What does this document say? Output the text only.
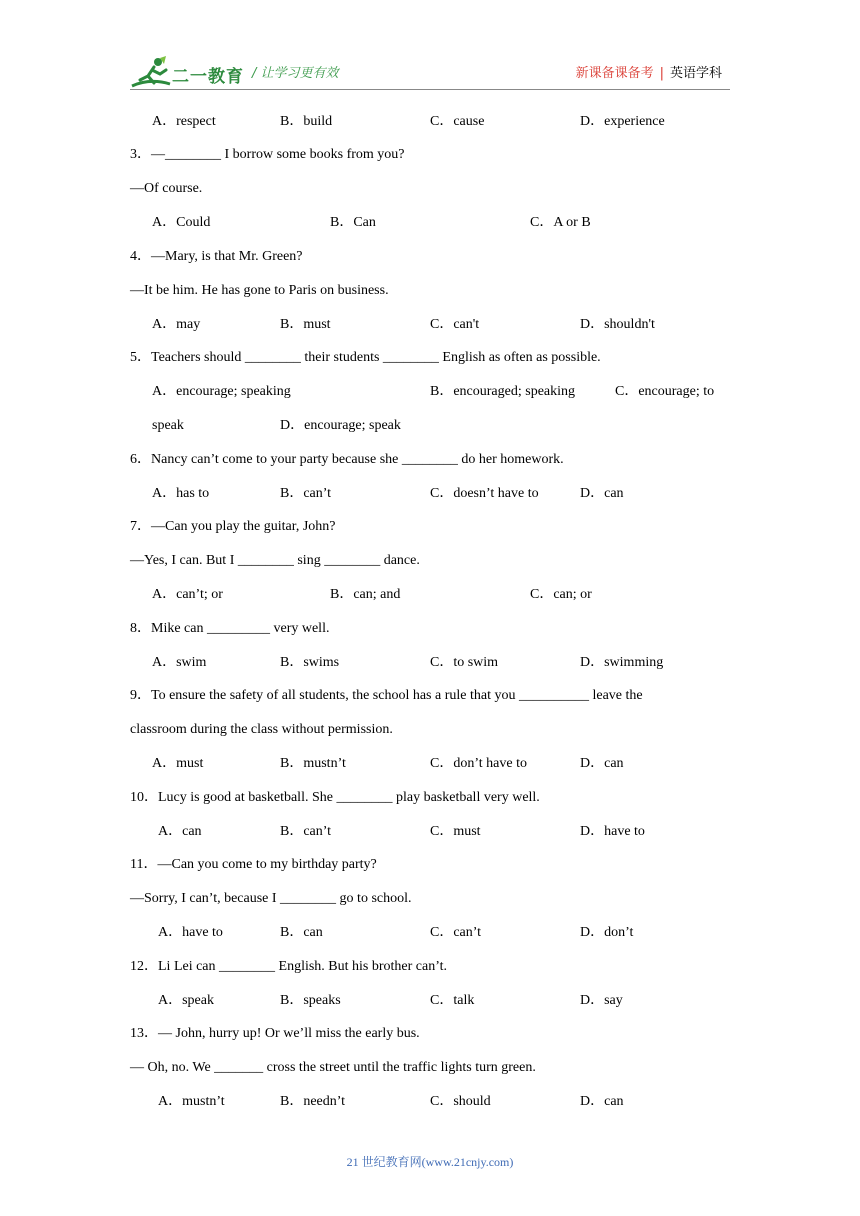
二一教育 / 让学习更有效	新课备课备考 | 英语学科
A．respect	B．build	C．cause	D．experience
3．—________ I borrow some books from you?
—Of course.
A．Could	B．Can	C．A or B
4．—Mary, is that Mr. Green?
—It be him. He has gone to Paris on business.
A．may	B．must	C．can't	D．shouldn't
5．Teachers should ________ their students ________ English as often as possible.
A．encourage; speaking	B．encouraged; speaking	C．encourage; to
speak	D．encourage; speak
6．Nancy can’t come to your party because she ________ do her homework.
A．has to	B．can’t	C．doesn’t have to	D．can
7．—Can you play the guitar, John?
—Yes, I can. But I ________ sing ________ dance.
A．can’t; or	B．can; and	C．can; or
8．Mike can _________ very well.
A．swim	B．swims	C．to swim	D．swimming
9．To ensure the safety of all students, the school has a rule that you __________ leave the
classroom during the class without permission.
A．must	B．mustn’t	C．don’t have to	D．can
10．Lucy is good at basketball. She ________ play basketball very well.
A．can	B．can’t	C．must	D．have to
11．—Can you come to my birthday party?
—Sorry, I can’t, because I ________ go to school.
A．have to	B．can	C．can’t	D．don’t
12．Li Lei can ________ English. But his brother can’t.
A．speak	B．speaks	C．talk	D．say
13．— John, hurry up! Or we’ll miss the early bus.
— Oh, no. We _______ cross the street until the traffic lights turn green.
A．mustn’t	B．needn’t	C．should	D．can
21 世纪教育网(www.21cnjy.com)
